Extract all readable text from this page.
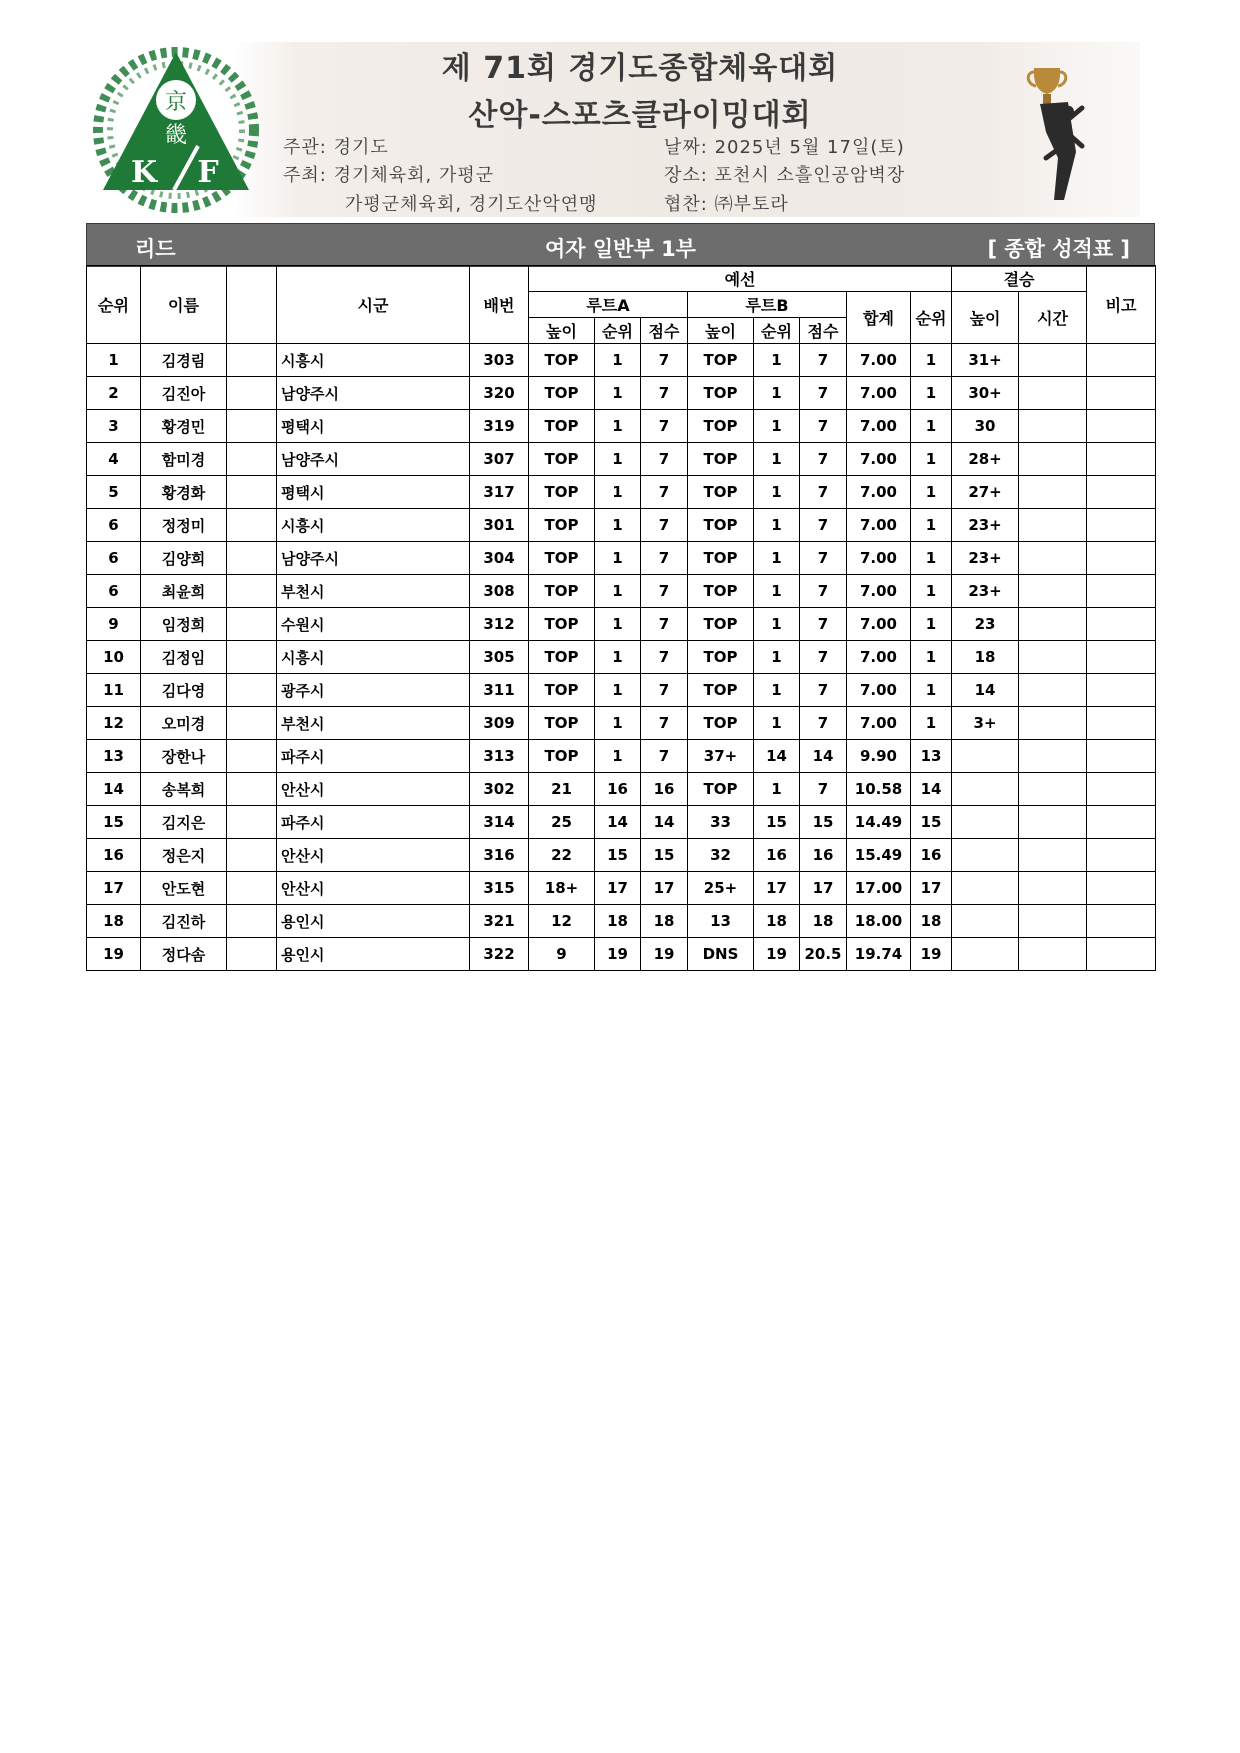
京
畿
K F
제 71회 경기도종합체육대회
산악-스포츠클라이밍대회
주관: 경기도
주최: 경기체육회, 가평군
가평군체육회, 경기도산악연맹
날짜: 2025년 5월 17일(토)
장소: 포천시 소흘인공암벽장
협찬: ㈜부토라
리드	여자 일반부 1부	[ 종합 성적표 ]
순위	이름		시군	배번	예선								결승		비고
					루트A			루트B			합계	순위	높이	시간	
					높이	순위	점수	높이	순위	점수					
1	김경림		시흥시	303	TOP	1	7	TOP	1	7	7.00	1	31+		
2	김진아		남양주시	320	TOP	1	7	TOP	1	7	7.00	1	30+		
3	황경민		평택시	319	TOP	1	7	TOP	1	7	7.00	1	30		
4	함미경		남양주시	307	TOP	1	7	TOP	1	7	7.00	1	28+		
5	황경화		평택시	317	TOP	1	7	TOP	1	7	7.00	1	27+		
6	정정미		시흥시	301	TOP	1	7	TOP	1	7	7.00	1	23+		
6	김양희		남양주시	304	TOP	1	7	TOP	1	7	7.00	1	23+		
6	최윤희		부천시	308	TOP	1	7	TOP	1	7	7.00	1	23+		
9	임정희		수원시	312	TOP	1	7	TOP	1	7	7.00	1	23		
10	김정임		시흥시	305	TOP	1	7	TOP	1	7	7.00	1	18		
11	김다영		광주시	311	TOP	1	7	TOP	1	7	7.00	1	14		
12	오미경		부천시	309	TOP	1	7	TOP	1	7	7.00	1	3+		
13	장한나		파주시	313	TOP	1	7	37+	14	14	9.90	13			
14	송복희		안산시	302	21	16	16	TOP	1	7	10.58	14			
15	김지은		파주시	314	25	14	14	33	15	15	14.49	15			
16	정은지		안산시	316	22	15	15	32	16	16	15.49	16			
17	안도현		안산시	315	18+	17	17	25+	17	17	17.00	17			
18	김진하		용인시	321	12	18	18	13	18	18	18.00	18			
19	정다솜		용인시	322	9	19	19	DNS	19	20.5	19.74	19			
